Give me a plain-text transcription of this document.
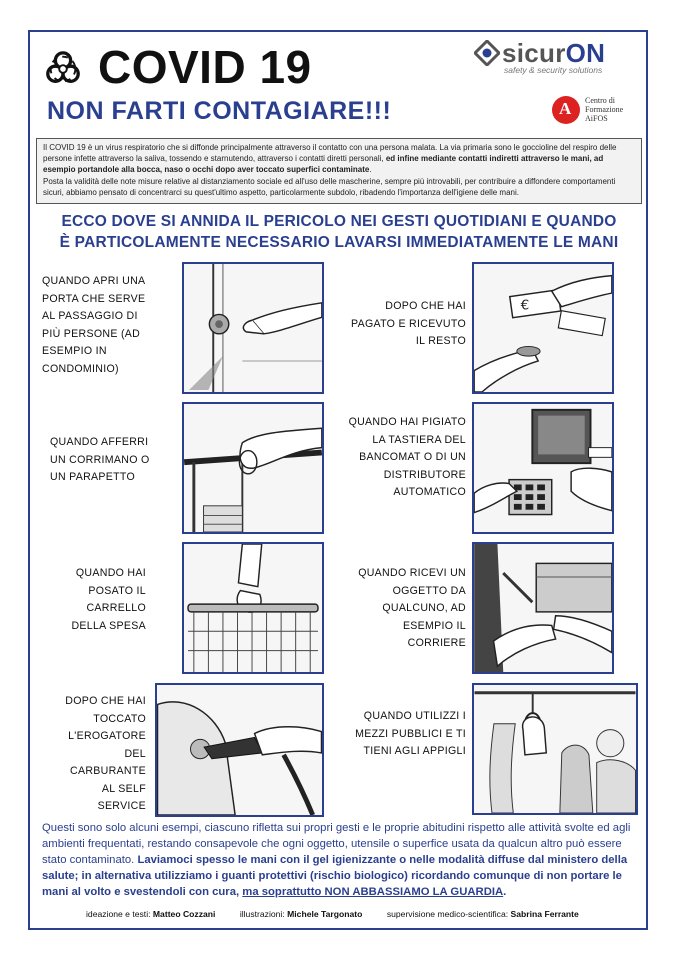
COVID 19
NON FARTI CONTAGIARE!!!
sicurON
safety & security solutions
A Centro di Formazione AiFOS
Il COVID 19 è un virus respiratorio che si diffonde principalmente attraverso il contatto con una persona malata. La via primaria sono le goccioline del respiro delle persone infette attraverso la saliva, tossendo e starnutendo, attraverso i contatti diretti personali, ed infine mediante contatti indiretti attraverso le mani, ad esempio portandole alla bocca, naso o occhi dopo aver toccato superfici contaminate.
Posta la validità delle note misure relative al distanziamento sociale ed all'uso delle mascherine, sempre più introvabili, per contribuire a diffondere comportamenti sicuri, abbiamo pensato di concentrarci su quest'ultimo aspetto, particolarmente subdolo, ribadendo l'importanza dell'igiene delle mani.
ECCO DOVE SI ANNIDA IL PERICOLO NEI GESTI QUOTIDIANI E QUANDO
È PARTICOLAMENTE NECESSARIO LAVARSI IMMEDIATAMENTE LE MANI
QUANDO APRI UNA PORTA CHE SERVE AL PASSAGGIO DI PIÙ PERSONE (AD ESEMPIO IN CONDOMINIO)
DOPO CHE HAI PAGATO E RICEVUTO IL RESTO
€
QUANDO AFFERRI UN CORRIMANO O UN PARAPETTO
QUANDO HAI PIGIATO LA TASTIERA DEL BANCOMAT O DI UN DISTRIBUTORE AUTOMATICO
QUANDO HAI POSATO IL CARRELLO DELLA SPESA
QUANDO RICEVI UN OGGETTO DA QUALCUNO, AD ESEMPIO IL CORRIERE
DOPO CHE HAI TOCCATO L'EROGATORE DEL CARBURANTE AL SELF SERVICE
QUANDO UTILIZZI I MEZZI PUBBLICI E TI TIENI AGLI APPIGLI
Questi sono solo alcuni esempi, ciascuno rifletta sui propri gesti e le proprie abitudini rispetto alle attività svolte ed agli ambienti frequentati, restando consapevole che ogni oggetto, utensile o superfice usata da qualcun altro può essere stato contaminato. Laviamoci spesso le mani con il gel igienizzante o nelle modalità diffuse dal ministero della salute; in alternativa utilizziamo i guanti protettivi (rischio biologico) ricordando comunque di non portare le mani al volto e svestendoli con cura, ma soprattutto NON ABBASSIAMO LA GUARDIA.
ideazione e testi: Matteo Cozzani	illustrazioni: Michele Targonato	supervisione medico-scientifica: Sabrina Ferrante
